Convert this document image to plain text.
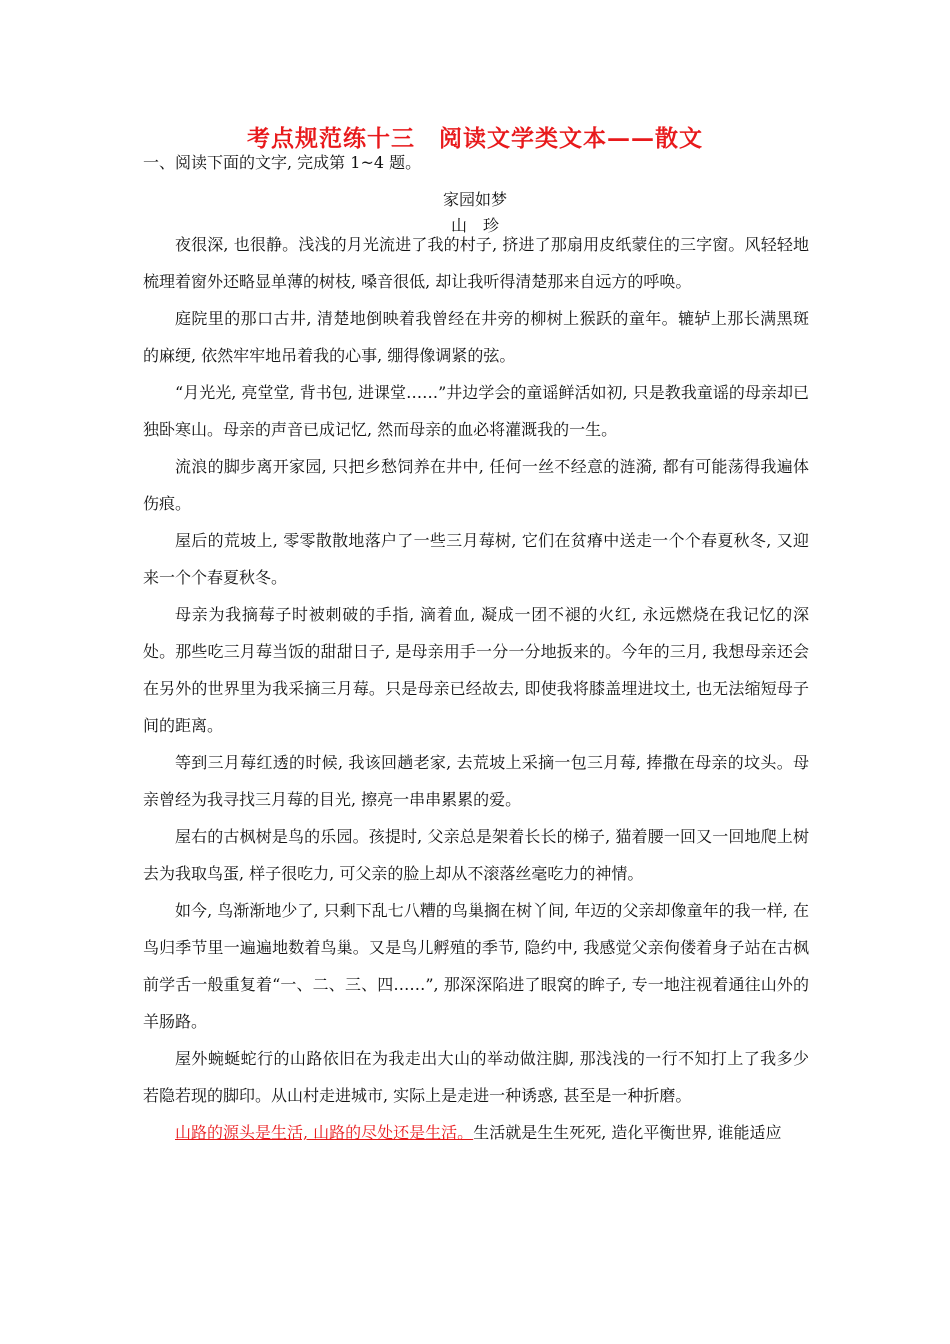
考点规范练十三　阅读文学类文本——散文
一、阅读下面的文字, 完成第 1~4 题。
家园如梦
山　珍

夜很深, 也很静。浅浅的月光流进了我的村子, 挤进了那扇用皮纸蒙住的三字窗。风轻轻地梳理着窗外还略显单薄的树枝, 嗓音很低, 却让我听得清楚那来自远方的呼唤。

庭院里的那口古井, 清楚地倒映着我曾经在井旁的柳树上猴跃的童年。辘轳上那长满黑斑的麻绠, 依然牢牢地吊着我的心事, 绷得像调紧的弦。

“月光光, 亮堂堂, 背书包, 进课堂……”井边学会的童谣鲜活如初, 只是教我童谣的母亲却已独卧寒山。母亲的声音已成记忆, 然而母亲的血必将灌溉我的一生。

流浪的脚步离开家园, 只把乡愁饲养在井中, 任何一丝不经意的涟漪, 都有可能荡得我遍体伤痕。

屋后的荒坡上, 零零散散地落户了一些三月莓树, 它们在贫瘠中送走一个个春夏秋冬, 又迎来一个个春夏秋冬。

母亲为我摘莓子时被刺破的手指, 滴着血, 凝成一团不褪的火红, 永远燃烧在我记忆的深处。那些吃三月莓当饭的甜甜日子, 是母亲用手一分一分地扳来的。今年的三月, 我想母亲还会在另外的世界里为我采摘三月莓。只是母亲已经故去, 即使我将膝盖埋进坟土, 也无法缩短母子间的距离。

等到三月莓红透的时候, 我该回趟老家, 去荒坡上采摘一包三月莓, 捧撒在母亲的坟头。母亲曾经为我寻找三月莓的目光, 擦亮一串串累累的爱。

屋右的古枫树是鸟的乐园。孩提时, 父亲总是架着长长的梯子, 猫着腰一回又一回地爬上树去为我取鸟蛋, 样子很吃力, 可父亲的脸上却从不滚落丝毫吃力的神情。

如今, 鸟渐渐地少了, 只剩下乱七八糟的鸟巢搁在树丫间, 年迈的父亲却像童年的我一样, 在鸟归季节里一遍遍地数着鸟巢。又是鸟儿孵殖的季节, 隐约中, 我感觉父亲佝偻着身子站在古枫前学舌一般重复着“一、二、三、四……”, 那深深陷进了眼窝的眸子, 专一地注视着通往山外的羊肠路。

屋外蜿蜒蛇行的山路依旧在为我走出大山的举动做注脚, 那浅浅的一行不知打上了我多少若隐若现的脚印。从山村走进城市, 实际上是走进一种诱惑, 甚至是一种折磨。

山路的源头是生活, 山路的尽处还是生活。生活就是生生死死, 造化平衡世界, 谁能适应
